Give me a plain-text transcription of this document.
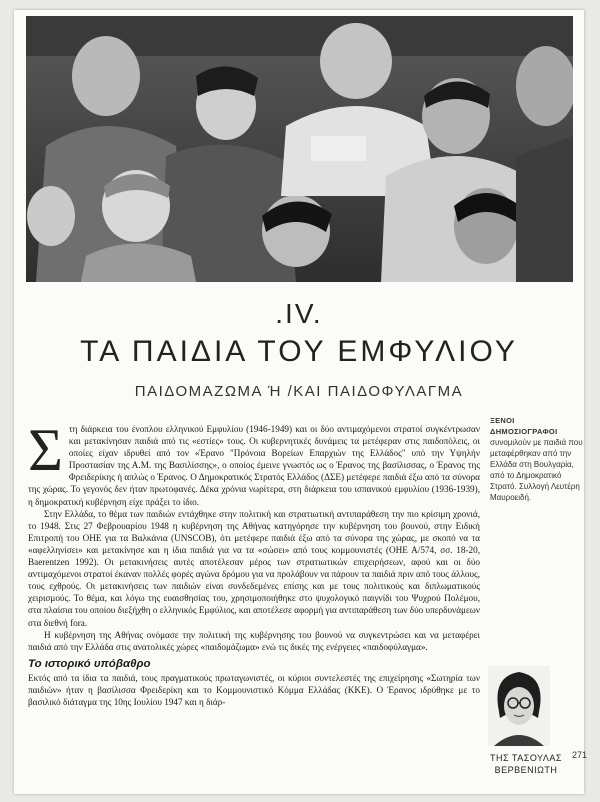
.IV.
ΤΑ ΠΑΙΔΙΑ ΤΟΥ ΕΜΦΥΛΙΟΥ
ΠΑΙΔΟΜΑΖΩΜΑ Ή /ΚΑΙ ΠΑΙΔΟΦΥΛΑΓΜΑ

Στη διάρκεια του ένοπλου ελληνικού Εμφυλίου (1946-1949) και οι δύο αντιμαχόμενοι στρατοί συγκέντρωσαν και μετακίνησαν παιδιά από τις «εστίες» τους. Οι κυβερνητικές δυνάμεις τα μετέφεραν στις παιδοπόλεις, οι οποίες είχαν ιδρυθεί από τον «Έρανο "Πρόνοια Βορείων Επαρχιών της Ελλάδος" υπό την Υψηλήν Προστασίαν της Α.Μ. της Βασιλίσσης», ο οποίος έμεινε γνωστός ως ο Έρανος της βασίλισσας, ο Έρανος της Φρειδερίκης ή απλώς ο Έρανος. Ο Δημοκρατικός Στρατός Ελλάδος (ΔΣΕ) μετέφερε παιδιά έξω από τα σύνορα της χώρας. Το γεγονός δεν ήταν πρωτοφανές. Δέκα χρόνια νωρίτερα, στη διάρκεια του ισπανικού εμφυλίου (1936-1939), η δημοκρατική κυβέρνηση είχε πράξει το ίδιο.

Στην Ελλάδα, το θέμα των παιδιών εντάχθηκε στην πολιτική και στρατιωτική αντιπαράθεση την πιο κρίσιμη χρονιά, το 1948. Στις 27 Φεβρουαρίου 1948 η κυβέρνηση της Αθήνας κατηγόρησε την κυβέρνηση του βουνού, στην Ειδική Επιτροπή του ΟΗΕ για τα Βαλκάνια (UNSCOB), ότι μετέφερε παιδιά έξω από τα σύνορα της χώρας, με σκοπό να τα «αφελληνίσει» και μετακίνησε και η ίδια παιδιά για να τα «σώσει» από τους κομμουνιστές (ΟΗΕ Α/574, σσ. 18-20, Baerentzen 1992). Οι μετακινήσεις αυτές αποτέλεσαν μέρος των στρατιωτικών επιχειρήσεων, αφού και οι δύο αντιμαχόμενοι στρατοί έκαναν πολλές φορές αγώνα δρόμου για να προλάβουν να πάρουν τα παιδιά πριν από τους άλλους, τους εχθρούς. Οι μετακινήσεις των παιδιών είναι συνδεδεμένες επίσης και με τους πολιτικούς και διπλωματικούς χειρισμούς. Το θέμα, και λόγω της ευαισθησίας του, χρησιμοποιήθηκε στο ψυχολογικό παιγνίδι του Ψυχρού Πολέμου, στα πλαίσια του οποίου διεξήχθη ο ελληνικός Εμφύλιος, και αποτέλεσε αφορμή για αντιπαράθεση των δύο υπερδυνάμεων στα διεθνή fora.

Η κυβέρνηση της Αθήνας ονόμασε την πολιτική της κυβέρνησης του βουνού να συγκεντρώσει και να μεταφέρει παιδιά από την Ελλάδα στις ανατολικές χώρες «παιδομάζωμα» ενώ τις δικές της ενέργειες «παιδοφύλαγμα».

Το ιστορικό υπόβαθρο

Εκτός από τα ίδια τα παιδιά, τους πραγματικούς πρωταγωνιστές, οι κύριοι συντελεστές της επιχείρησης «Σωτηρία των παιδιών» ήταν η βασίλισσα Φρειδερίκη και το Κομμουνιστικό Κόμμα Ελλάδας (ΚΚΕ). Ο Έρανος ιδρύθηκε με το βασιλικό διάταγμα της 10ης Ιουλίου 1947 και η διάρ-

ΞΕΝΟΙ ΔΗΜΟΣΙΟΓΡΑΦΟΙ
συνομιλούν με παιδιά που μεταφέρθηκαν από την Ελλάδα στη Βουλγαρία, από το Δημοκρατικό Στρατό. Συλλογή Λευτέρη Μαυροειδή.
ΤΗΣ ΤΑΣΟΥΛΑΣ
ΒΕΡΒΕΝΙΩΤΗ
271
